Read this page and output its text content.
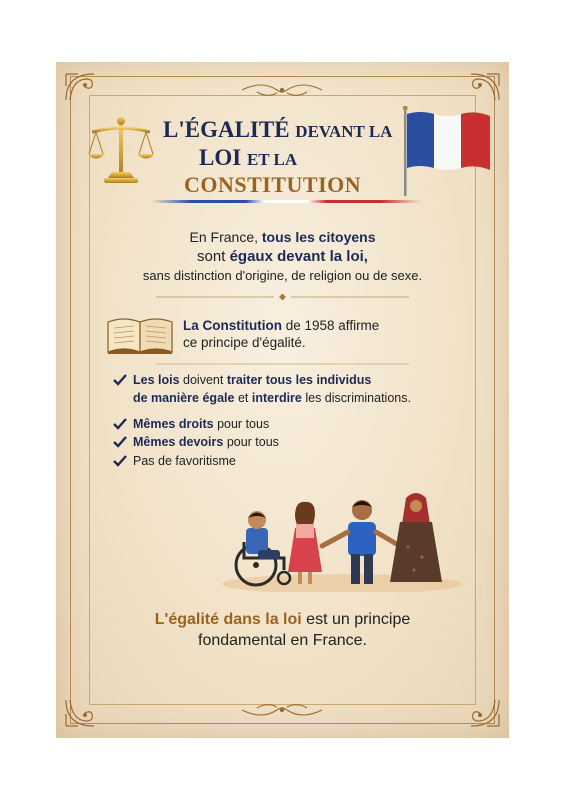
L'ÉGALITÉ DEVANT LA
LOI ET LA
CONSTITUTION
En France, tous les citoyens
sont égaux devant la loi,
sans distinction d'origine, de religion ou de sexe.
La Constitution de 1958 affirme
ce principe d'égalité.
Les lois doivent traiter tous les individus
de manière égale et interdire les discriminations.
Mêmes droits pour tous
Mêmes devoirs pour tous
Pas de favoritisme
L'égalité dans la loi est un principe
fondamental en France.
